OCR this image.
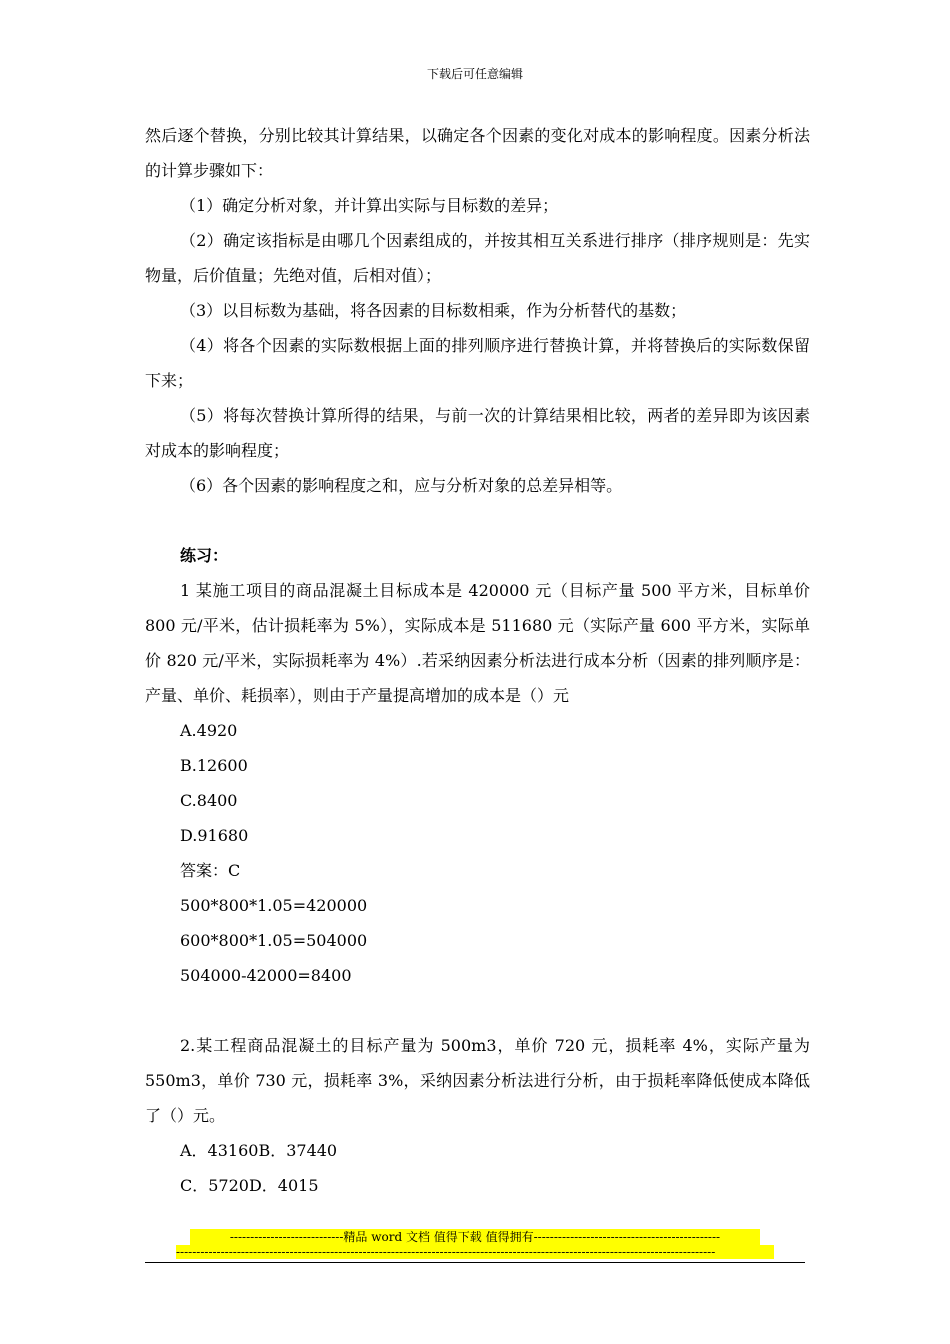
下载后可任意编辑

然后逐个替换，分别比较其计算结果，以确定各个因素的变化对成本的影响程度。因素分析法的计算步骤如下：

（1）确定分析对象，并计算出实际与目标数的差异；

（2）确定该指标是由哪几个因素组成的，并按其相互关系进行排序（排序规则是：先实物量，后价值量；先绝对值，后相对值）；

（3）以目标数为基础，将各因素的目标数相乘，作为分析替代的基数；

（4）将各个因素的实际数根据上面的排列顺序进行替换计算，并将替换后的实际数保留下来；

（5）将每次替换计算所得的结果，与前一次的计算结果相比较，两者的差异即为该因素对成本的影响程度；

（6）各个因素的影响程度之和，应与分析对象的总差异相等。

练习：

1 某施工项目的商品混凝土目标成本是 420000 元（目标产量 500 平方米，目标单价 800 元/平米，估计损耗率为 5%），实际成本是 511680 元（实际产量 600 平方米，实际单价 820 元/平米，实际损耗率为 4%）.若采纳因素分析法进行成本分析（因素的排列顺序是：产量、单价、耗损率），则由于产量提高增加的成本是（）元

A.4920

B.12600

C.8400

D.91680

答案：C

500*800*1.05=420000

600*800*1.05=504000

504000-42000=8400

2.某工程商品混凝土的目标产量为 500m3，单价 720 元，损耗率 4%，实际产量为 550m3，单价 730 元，损耗率 3%，采纳因素分析法进行分析，由于损耗率降低使成本降低了（）元。

A．43160B．37440

C．5720D．4015

----------------------------精品 word 文档 值得下载 值得拥有----------------------------------------------
-------------------------------------------------------------------------------------------------------------------------------------
